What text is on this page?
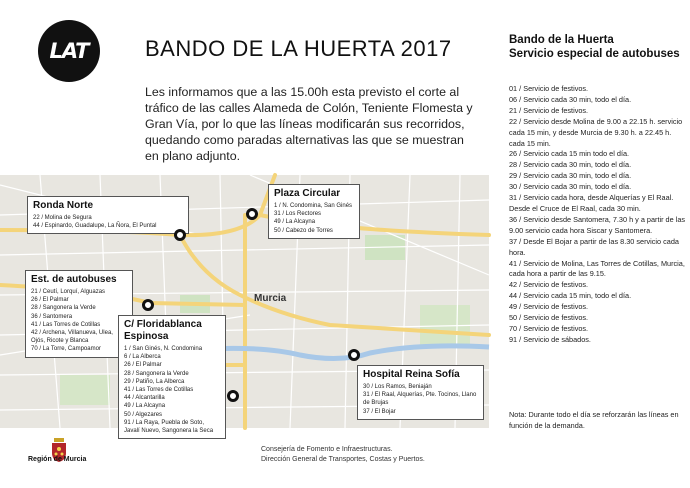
LAT	BANDO DE LA HUERTA 2017
Les informamos que a las 15.00h esta previsto el corte al tráfico de las calles Alameda de Colón, Teniente Flomesta y Gran Vía, por lo que las líneas modificarán sus recorridos, quedando como paradas alternativas las que se muestran en plano adjunto.
Bando de la Huerta
Servicio especial de autobuses
01 / Servicio de festivos.
06 / Servicio cada 30 min, todo el día.
21 / Servicio de festivos.
22 / Servicio desde Molina de 9.00 a 22.15 h. servicio cada 15 min, y desde Murcia de 9.30 h. a 22.45 h. cada 15 min.
26 / Servicio cada 15 min todo el día.
28 / Servicio cada 30 min, todo el día.
29 / Servicio cada 30 min, todo el día.
30 / Servicio cada 30 min, todo el día.
31 / Servicio cada hora, desde Alquerías y El Raal. Desde el Cruce de El Raal, cada 30 min.
36 / Servicio desde Santomera, 7.30 h y a partir de las 9.00 servicio cada hora Siscar y Santomera.
37 / Desde El Bojar a partir de las 8.30 servicio cada hora.
41 / Servicio de Molina, Las Torres de Cotillas, Murcia, cada hora a partir de las 9.15.
42 / Servicio de festivos.
44 / Servicio cada 15 min, todo el día.
49 / Servicio de festivos.
50 / Servicio de festivos.
70 / Servicio de festivos.
91 / Servicio de sábados.
Nota: Durante todo el día se reforzarán las líneas en función de la demanda.
Murcia
Ronda Norte
22 / Molina de Segura
44 / Espinardo, Guadalupe, La Ñora, El Puntal
Plaza Circular
1 / N. Condomina, San Ginés
31 / Los Rectores
49 / La Alcayna
50 / Cabezo de Torres
Est. de autobuses
21 / Ceutí, Lorquí, Alguazas
26 / El Palmar
28 / Sangonera la Verde
36 / Santomera
41 / Las Torres de Cotillas
42 / Archena, Villanueva, Ulea, Ojós, Ricote y Blanca
70 / La Torre, Campoamor
C/ Floridablanca Espinosa
1 / San Ginés, N. Condomina
6 / La Alberca
26 / El Palmar
28 / Sangonera la Verde
29 / Patiño, La Alberca
41 / Las Torres de Cotillas
44 / Alcantarilla
49 / La Alcayna
50 / Algezares
91 / La Raya, Puebla de Soto, Javalí Nuevo, Sangonera la Seca
Hospital Reina Sofía
30 / Los Ramos, Beniaján
31 / El Raal, Alquerías, Pte. Tocinos, Llano de Brujas
37 / El Bojar
Región de Murcia
Consejería de Fomento e Infraestructuras.
Dirección General de Transportes, Costas y Puertos.
